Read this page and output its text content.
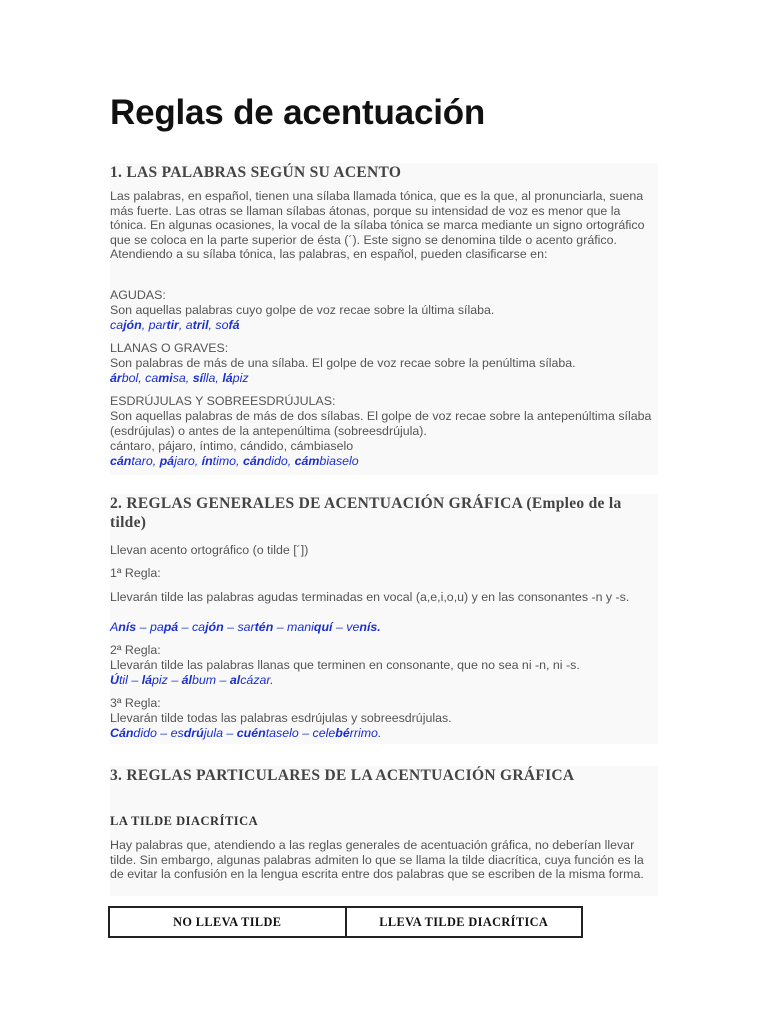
Reglas de acentuación
1. LAS PALABRAS SEGÚN SU ACENTO

Las palabras, en español, tienen una sílaba llamada tónica, que es la que, al pronunciarla, suena más fuerte. Las otras se llaman sílabas átonas, porque su intensidad de voz es menor que la tónica. En algunas ocasiones, la vocal de la sílaba tónica se marca mediante un signo ortográfico que se coloca en la parte superior de ésta (´). Este signo se denomina tilde o acento gráfico. Atendiendo a su sílaba tónica, las palabras, en español, pueden clasificarse en:

AGUDAS:

Son aquellas palabras cuyo golpe de voz recae sobre la última sílaba.

cajón, partir, atril, sofá

LLANAS O GRAVES:

Son palabras de más de una sílaba. El golpe de voz recae sobre la penúltima sílaba.

árbol, camisa, sílla, lápiz

ESDRÚJULAS Y SOBREESDRÚJULAS:

Son aquellas palabras de más de dos sílabas. El golpe de voz recae sobre la antepenúltima sílaba (esdrújulas) o antes de la antepenúltima (sobreesdrújula).

cántaro, pájaro, íntimo, cándido, cámbiaselo

cántaro, pájaro, íntimo, cándido, cámbiaselo

2. REGLAS GENERALES DE ACENTUACIÓN GRÁFICA (Empleo de la tilde)

Llevan acento ortográfico (o tilde [´])

1ª Regla:

Llevarán tilde las palabras agudas terminadas en vocal (a,e,i,o,u) y en las consonantes -n y -s.

Anís – papá – cajón – sartén – maniquí – venís.

2ª Regla:

Llevarán tilde las palabras llanas que terminen en consonante, que no sea ni -n, ni -s.

Útil – lápiz – álbum – alcázar.

3ª Regla:

Llevarán tilde todas las palabras esdrújulas y sobreesdrújulas.

Cándido – esdrújula – cuéntaselo – celebérrimo.

3. REGLAS PARTICULARES DE LA ACENTUACIÓN GRÁFICA
LA TILDE DIACRÍTICA

Hay palabras que, atendiendo a las reglas generales de acentuación gráfica, no deberían llevar tilde. Sin embargo, algunas palabras admiten lo que se llama la tilde diacrítica, cuya función es la de evitar la confusión en la lengua escrita entre dos palabras que se escriben de la misma forma.

NO LLEVA TILDE	LLEVA TILDE DIACRÍTICA
